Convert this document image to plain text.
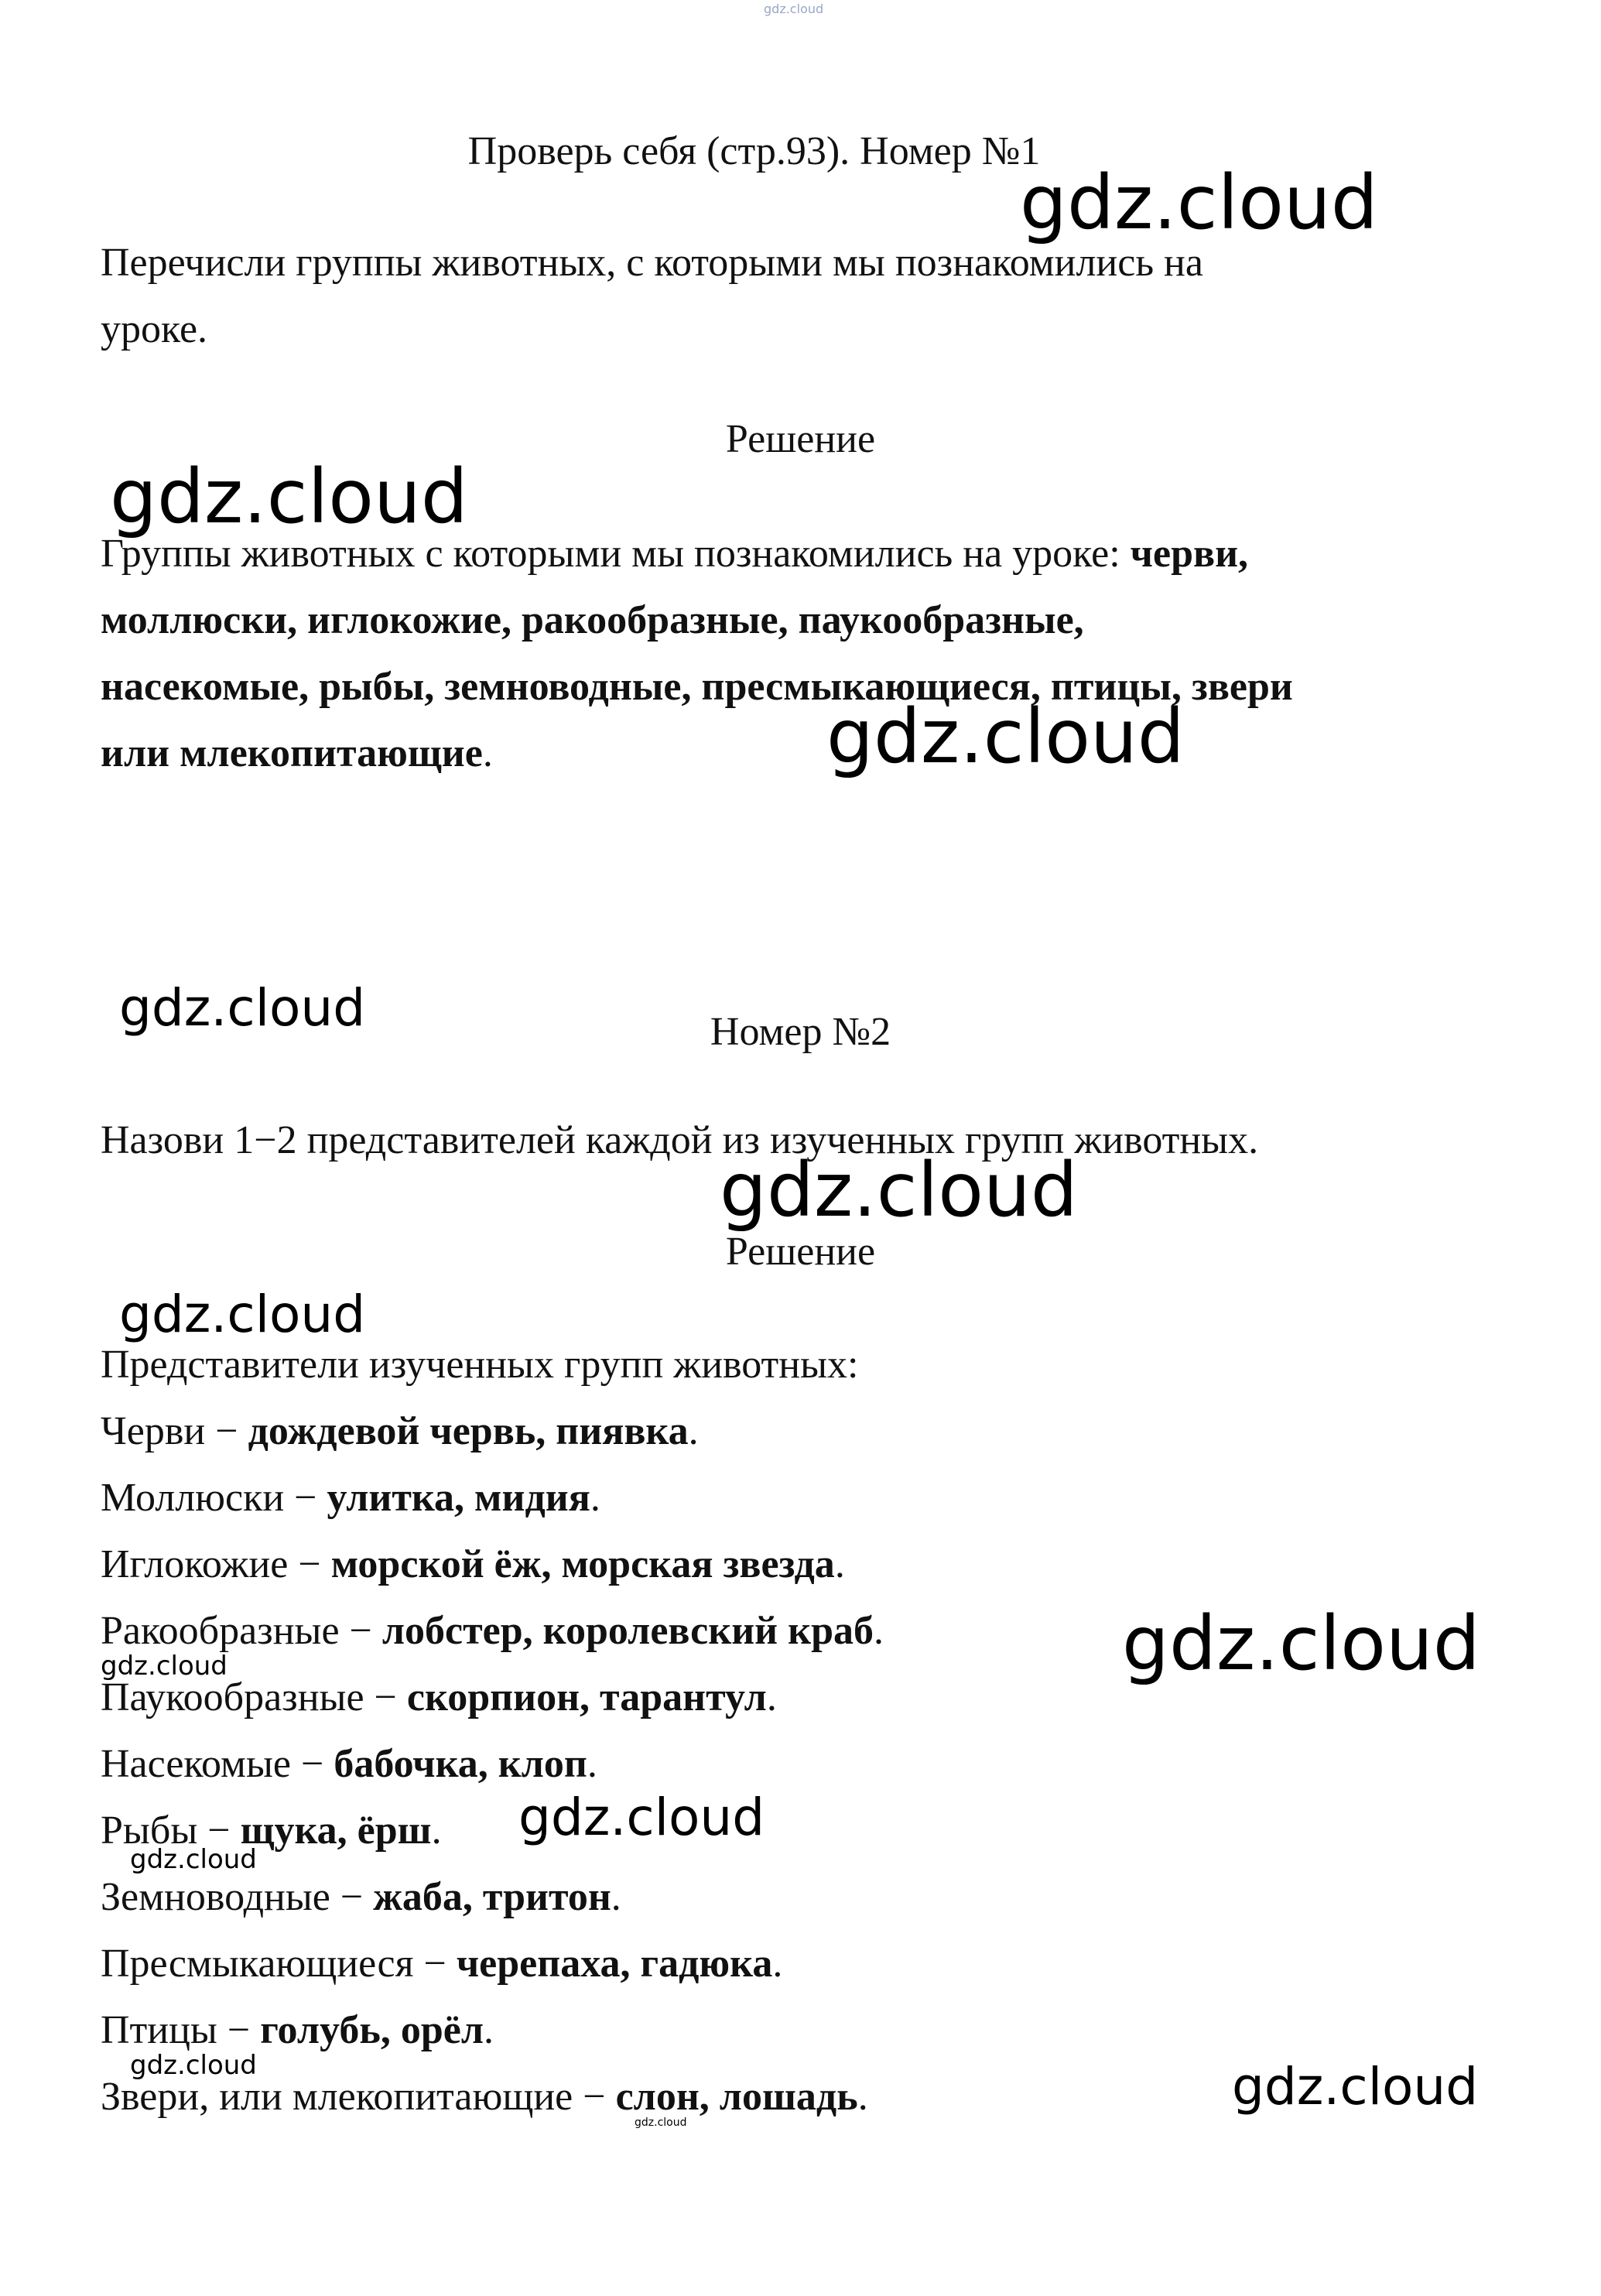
gdz.cloud
Проверь себя (стр.93). Номер №1
Перечисли группы животных, с которыми мы познакомились на
уроке.
Решение
Группы животных с которыми мы познакомились на уроке: черви,
моллюски, иглокожие, ракообразные, паукообразные,
насекомые, рыбы, земноводные, пресмыкающиеся, птицы, звери
или млекопитающие.
Номер №2
Назови 1−2 представителей каждой из изученных групп животных.
Решение
Представители изученных групп животных:
Черви − дождевой червь, пиявка.
Моллюски − улитка, мидия.
Иглокожие − морской ёж, морская звезда.
Ракообразные − лобстер, королевский краб.
Паукообразные − скорпион, тарантул.
Насекомые − бабочка, клоп.
Рыбы − щука, ёрш.
Земноводные − жаба, тритон.
Пресмыкающиеся − черепаха, гадюка.
Птицы − голубь, орёл.
Звери, или млекопитающие − слон, лошадь.
gdz.cloud
gdz.cloud
gdz.cloud
gdz.cloud
gdz.cloud
gdz.cloud
gdz.cloud
gdz.cloud
gdz.cloud
gdz.cloud
gdz.cloud	gdz.cloud
gdz.cloud
